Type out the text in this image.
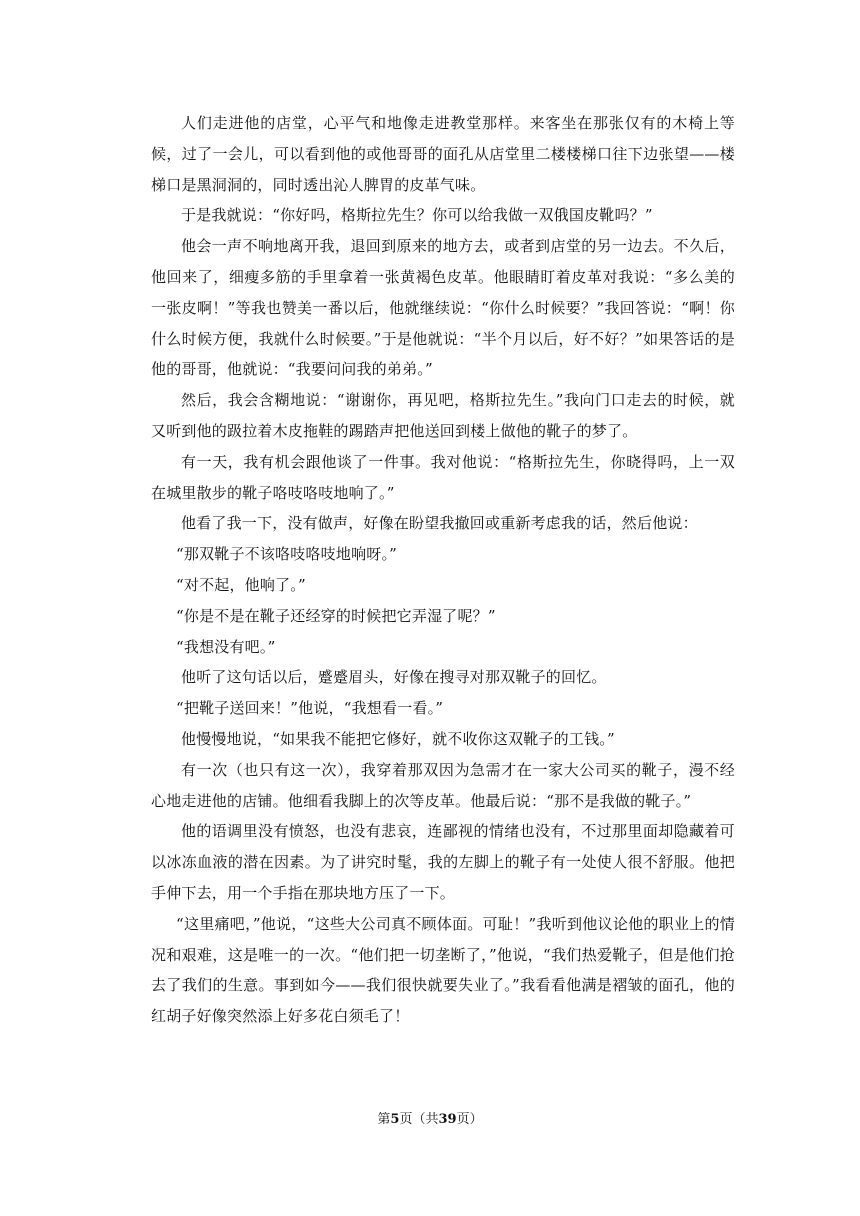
人们走进他的店堂，心平气和地像走进教堂那样。来客坐在那张仅有的木椅上等候，过了一会儿，可以看到他的或他哥哥的面孔从店堂里二楼楼梯口往下边张望——楼梯口是黑洞洞的，同时透出沁人脾胃的皮革气味。

于是我就说：“你好吗，格斯拉先生？你可以给我做一双俄国皮靴吗？”

他会一声不响地离开我，退回到原来的地方去，或者到店堂的另一边去。不久后，他回来了，细瘦多筋的手里拿着一张黄褐色皮革。他眼睛盯着皮革对我说：“多么美的一张皮啊！”等我也赞美一番以后，他就继续说：“你什么时候要？”我回答说：“啊！你什么时候方便，我就什么时候要。”于是他就说：“半个月以后，好不好？”如果答话的是他的哥哥，他就说：“我要问问我的弟弟。”

然后，我会含糊地说：“谢谢你，再见吧，格斯拉先生。”我向门口走去的时候，就又听到他的趿拉着木皮拖鞋的踢踏声把他送回到楼上做他的靴子的梦了。

有一天，我有机会跟他谈了一件事。我对他说：“格斯拉先生，你晓得吗，上一双在城里散步的靴子咯吱咯吱地响了。”

他看了我一下，没有做声，好像在盼望我撤回或重新考虑我的话，然后他说：

“那双靴子不该咯吱咯吱地响呀。”

“对不起，他响了。”

“你是不是在靴子还经穿的时候把它弄湿了呢？”

“我想没有吧。”

他听了这句话以后，蹙蹙眉头，好像在搜寻对那双靴子的回忆。

“把靴子送回来！”他说，“我想看一看。”

他慢慢地说，“如果我不能把它修好，就不收你这双靴子的工钱。”

有一次（也只有这一次），我穿着那双因为急需才在一家大公司买的靴子，漫不经心地走进他的店铺。他细看我脚上的次等皮革。他最后说：“那不是我做的靴子。”

他的语调里没有愤怒，也没有悲哀，连鄙视的情绪也没有，不过那里面却隐藏着可以冰冻血液的潜在因素。为了讲究时髦，我的左脚上的靴子有一处使人很不舒服。他把手伸下去，用一个手指在那块地方压了一下。

“这里痛吧，”他说，“这些大公司真不顾体面。可耻！”我听到他议论他的职业上的情况和艰难，这是唯一的一次。“他们把一切垄断了，”他说，“我们热爱靴子，但是他们抢去了我们的生意。事到如今——我们很快就要失业了。”我看看他满是褶皱的面孔，他的红胡子好像突然添上好多花白须毛了！

第5页（共39页）
